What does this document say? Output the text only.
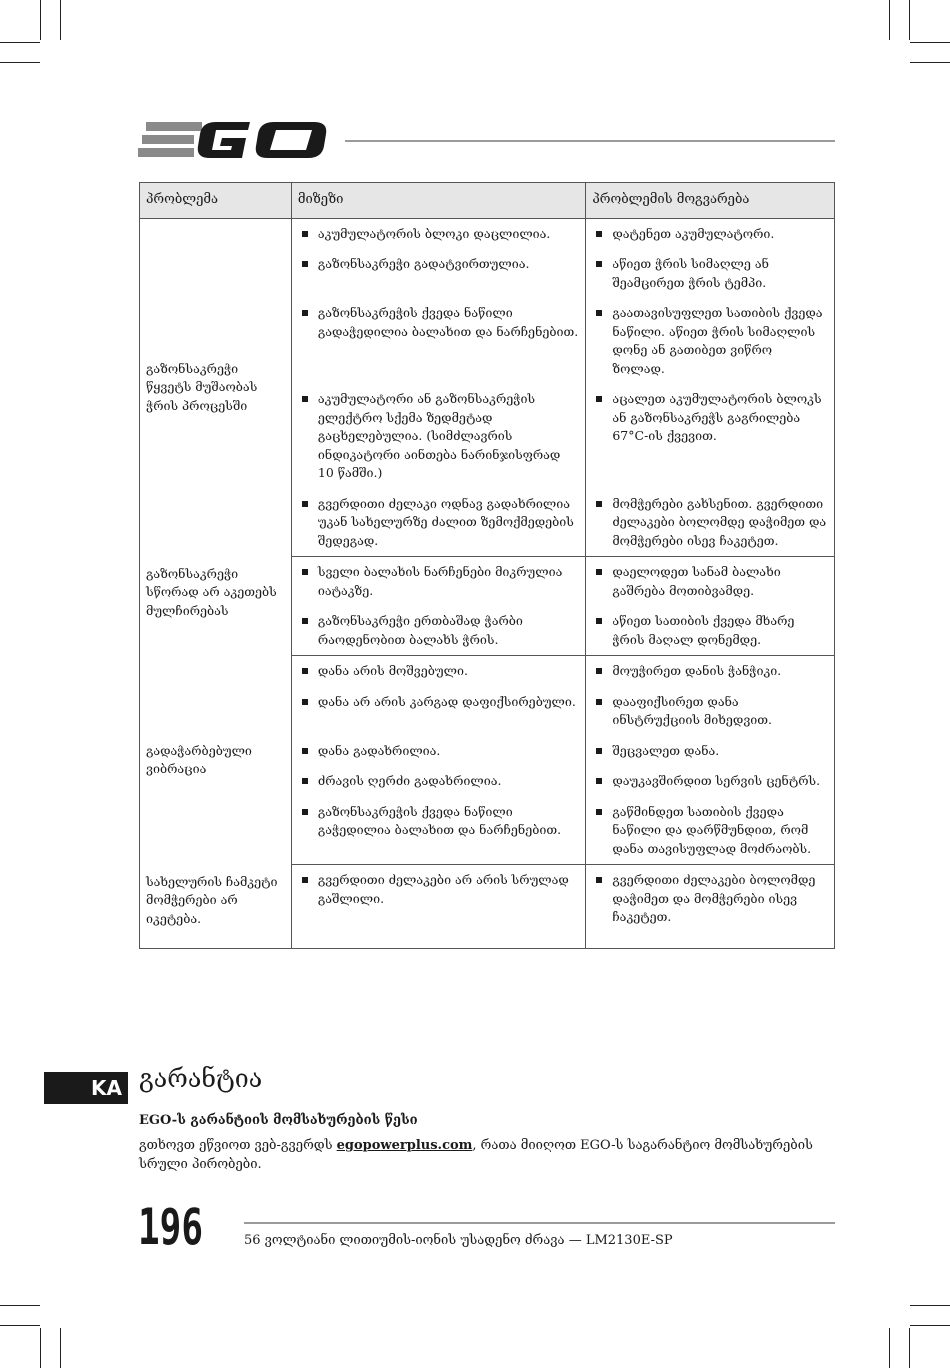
პრობლემა	მიზეზი	პრობლემის მოგვარება
გაზონსაკრეჭი წყვეტს მუშაობას ჭრის პროცესში	აკუმულატორის ბლოკი დაცლილია.	დატენეთ აკუმულატორი.

	გაზონსაკრეჭი გადატვირთულია.	აწიეთ ჭრის სიმაღლე ან შეამცირეთ ჭრის ტემპი.

	გაზონსაკრეჭის ქვედა ნაწილი გადაჭედილია ბალახით და ნარჩენებით.	გაათავისუფლეთ სათიბის ქვედა ნაწილი. აწიეთ ჭრის სიმაღლის დონე ან გათიბეთ ვიწრო ზოლად.

	აკუმულატორი ან გაზონსაკრეჭის ელექტრო სქემა ზედმეტად გაცხელებულია. (სიმძლავრის ინდიკატორი აინთება ნარინჯისფრად 10 წამში.)	აცალეთ აკუმულატორის ბლოკს ან გაზონსაკრეჭს გაგრილება 67°C-ის ქვევით.

	გვერდითი ძელაკი ოდნავ გადახრილია უკან სახელურზე ძალით ზემოქმედების შედეგად.	მომჭერები გახსენით. გვერდითი ძელაკები ბოლომდე დაჭიმეთ და მომჭერები ისევ ჩაკეტეთ.

გაზონსაკრეჭი სწორად არ აკეთებს მულჩირებას	სველი ბალახის ნარჩენები მიკრულია იატაკზე.	დაელოდეთ სანამ ბალახი გაშრება მოთიბვამდე.

	გაზონსაკრეჭი ერთბაშად ჭარბი რაოდენობით ბალახს ჭრის.	აწიეთ სათიბის ქვედა მხარე ჭრის მაღალ დონემდე.

გადაჭარბებული ვიბრაცია	დანა არის მოშვებული.	მოუჭირეთ დანის ჭანჭიკი.

	დანა არ არის კარგად დაფიქსირებული.	დააფიქსირეთ დანა ინსტრუქციის მიხედვით.

	დანა გადახრილია.	შეცვალეთ დანა.

	ძრავის ღერძი გადახრილია.	დაუკავშირდით სერვის ცენტრს.

	გაზონსაკრეჭის ქვედა ნაწილი გაჭედილია ბალახით და ნარჩენებით.	გაწმინდეთ სათიბის ქვედა ნაწილი და დარწმუნდით, რომ დანა თავისუფლად მოძრაობს.

სახელურის ჩამკეტი მომჭერები არ იკეტება.	გვერდითი ძელაკები არ არის სრულად გაშლილი.	გვერდითი ძელაკები ბოლომდე დაჭიმეთ და მომჭერები ისევ ჩაკეტეთ.
KA გარანტია
EGO-ს გარანტიის მომსახურების წესი

გთხოვთ ეწვიოთ ვებ-გვერდს egopowerplus.com, რათა მიიღოთ EGO-ს საგარანტიო მომსახურების სრული პირობები.

196	56 ვოლტიანი ლითიუმის-იონის უსადენო ძრავა — LM2130E-SP
